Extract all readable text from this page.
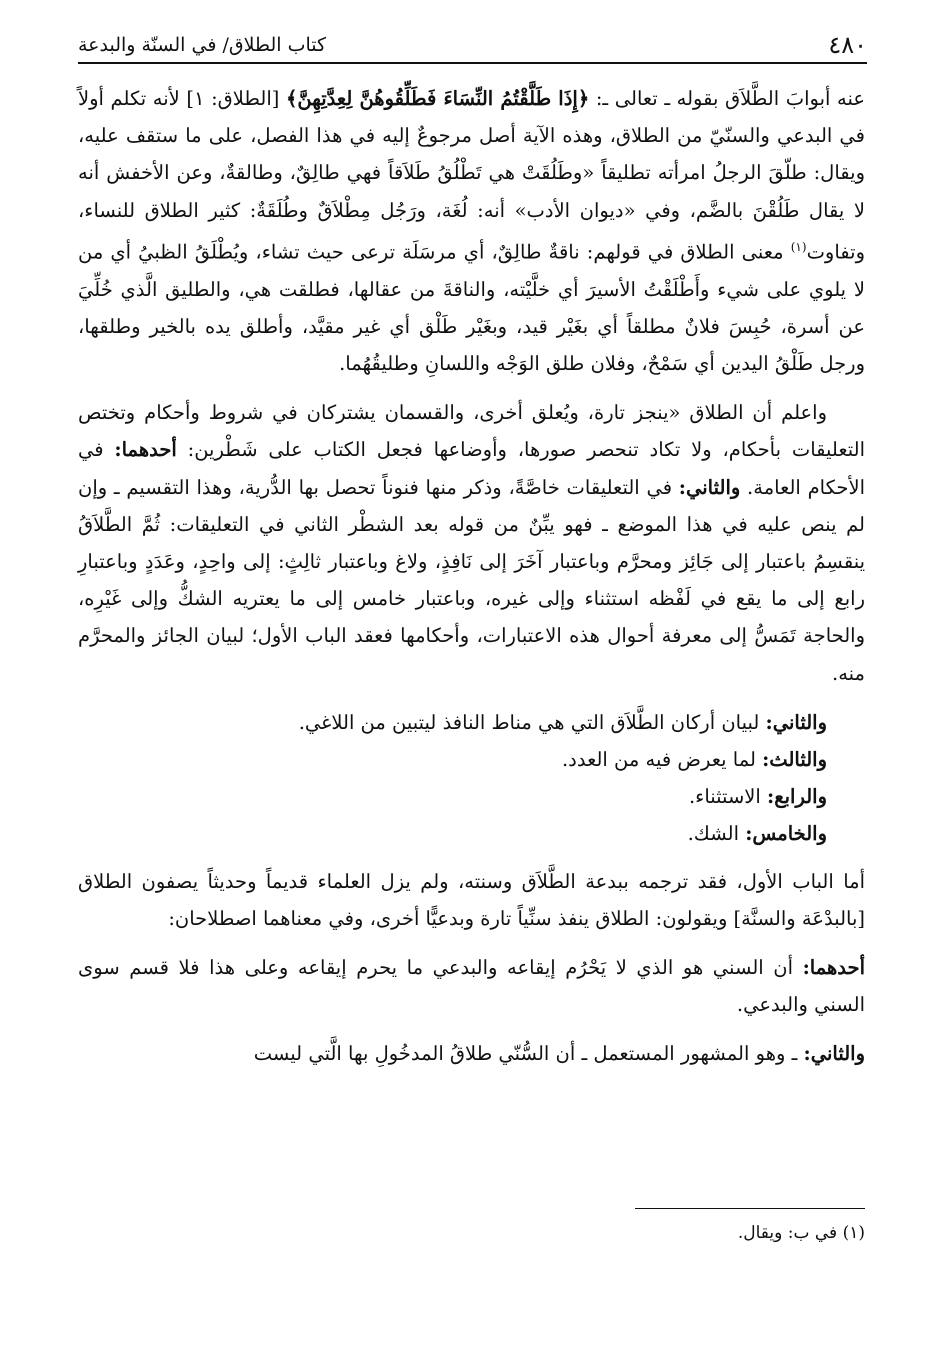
٤٨٠
كتاب الطلاق/ في السنّة والبدعة

عنه أبوابَ الطَّلاَق بقوله ـ تعالى ـ: ﴿إِذَا طَلَّقْتُمُ النِّسَاءَ فَطَلِّقُوهُنَّ لِعِدَّتِهِنَّ﴾ [الطلاق: ١] لأنه تكلم أولاً في البدعي والسنّيّ من الطلاق، وهذه الآية أصل مرجوعٌ إليه في هذا الفصل، على ما ستقف عليه، ويقال: طلّقَ الرجلُ امرأته تطليقاً «وطَلُقَتْ هي تَطْلُقُ طَلاَقاً فهي طالِقٌ، وطالقةٌ، وعن الأخفش أنه لا يقال طَلُقْنَ بالضَّم، وفي «ديوان الأدب» أنه: لُغَة، ورَجُل مِطْلاَقٌ وطُلَقَةٌ: كثير الطلاق للنساء، وتفاوت$^{(١)}$ معنى الطلاق في قولهم: ناقةٌ طالِقٌ، أي مرسَلَة ترعى حيث تشاء، ويُطْلَقُ الظبيُ أي من لا يلوي على شيء وأَطْلَقْتُ الأسيرَ أي خلَّيْته، والناقةَ من عقالها، فطلقت هي، والطليق الَّذي خُلِّيَ عن أسرة، حُبِسَ فلانٌ مطلقاً أي بغَيْر قيد، وبغَيْر طَلْق أي غير مقيَّد، وأطلق يده بالخير وطلقها، ورجل طَلْقُ اليدين أي سَمْحٌ، وفلان طلق الوَجْه واللسانِ وطليقُهُما.

واعلم أن الطلاق «ينجز تارة، ويُعلق أخرى، والقسمان يشتركان في شروط وأحكام وتختص التعليقات بأحكام، ولا تكاد تنحصر صورها، وأوضاعها فجعل الكتاب على شَطْرين: أحدهما: في الأحكام العامة. والثاني: في التعليقات خاصَّةً، وذكر منها فنوناً تحصل بها الدُّرية، وهذا التقسيم ـ وإن لم ينص عليه في هذا الموضع ـ فهو يبِّنٌ من قوله بعد الشطْر الثاني في التعليقات: ثُمَّ الطَّلاَقُ ينقسِمُ باعتبار إلى جَائِز ومحرَّم وباعتبار آخَرَ إلى نَافِذٍ، ولاغ وباعتبار ثالِثٍ: إلى واحِدٍ، وعَدَدٍ وباعتبارِ رابع إلى ما يقع في لَفْظه استثناء وإلى غيره، وباعتبار خامس إلى ما يعتريه الشكُّ وإلى غَيْرِه، والحاجة تَمَسُّ إلى معرفة أحوال هذه الاعتبارات، وأحكامها فعقد الباب الأول؛ لبيان الجائز والمحرَّم منه.

والثاني: لبيان أركان الطَّلاَق التي هي مناط النافذ ليتبين من اللاغي.

والثالث: لما يعرض فيه من العدد.

والرابع: الاستثناء.

والخامس: الشك.

أما الباب الأول، فقد ترجمه ببدعة الطَّلاَق وسنته، ولم يزل العلماء قديماً وحديثاً يصفون الطلاق [بالبدْعَة والسنَّة] ويقولون: الطلاق ينفذ سنِّياً تارة وبدعيًّا أخرى، وفي معناهما اصطلاحان:

أحدهما: أن السني هو الذي لا يَحْرُم إيقاعه والبدعي ما يحرم إيقاعه وعلى هذا فلا قسم سوى السني والبدعي.

والثاني: ـ وهو المشهور المستعمل ـ أن السُّنّي طلاقُ المدخُولِ بها الَّتي ليست

(١) في ب: ويقال.
